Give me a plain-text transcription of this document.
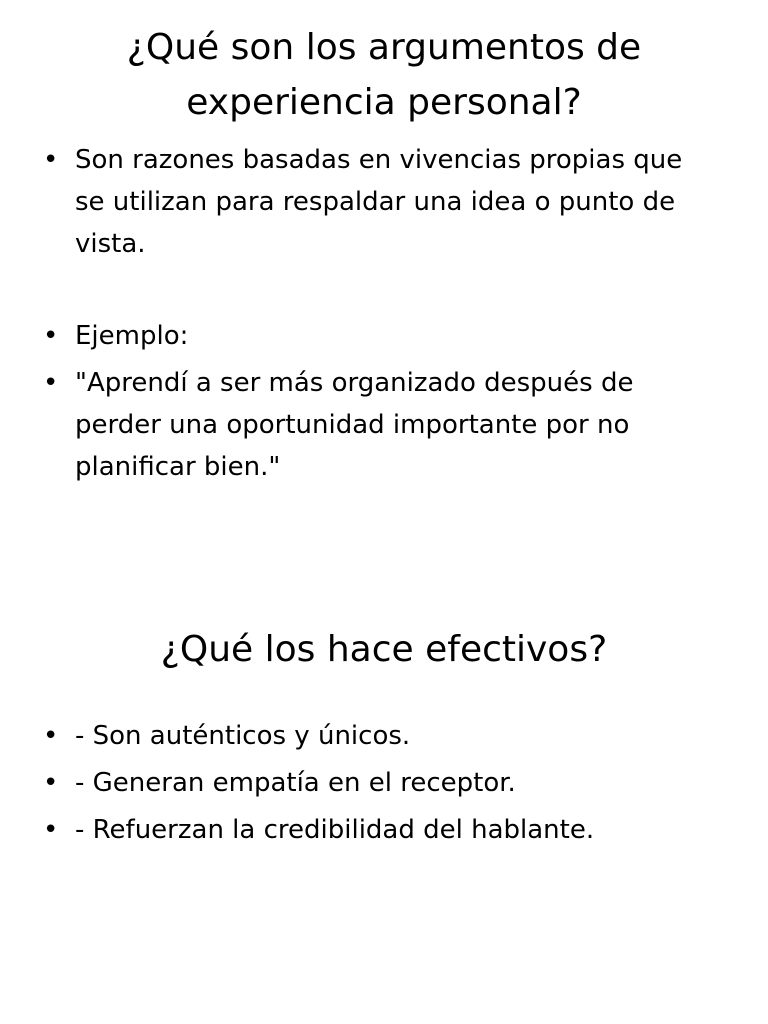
¿Qué son los argumentos de experiencia personal?
• Son razones basadas en vivencias propias que se utilizan para respaldar una idea o punto de vista.
• Ejemplo:
• "Aprendí a ser más organizado después de perder una oportunidad importante por no planificar bien."
¿Qué los hace efectivos?
• - Son auténticos y únicos.
• - Generan empatía en el receptor.
• - Refuerzan la credibilidad del hablante.
